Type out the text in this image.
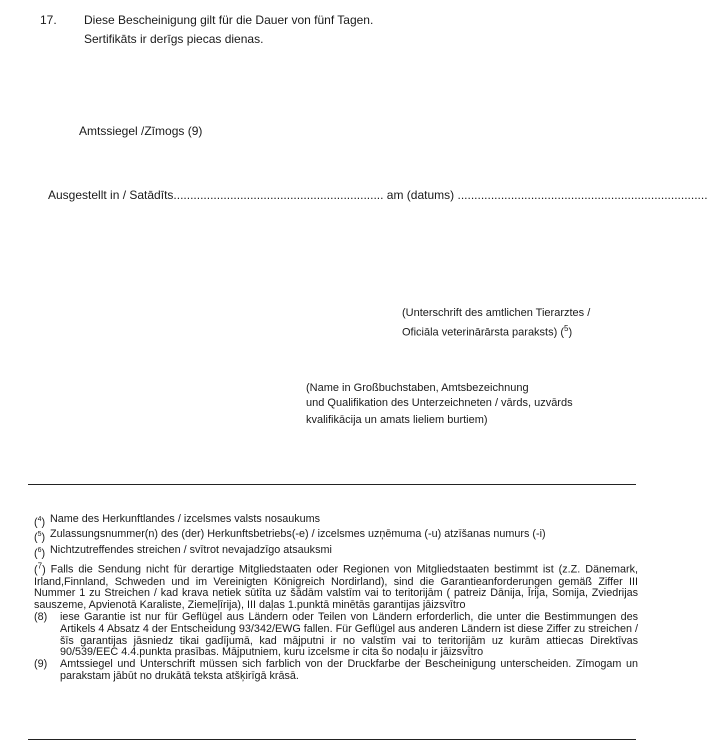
17. Diese Bescheinigung gilt für die Dauer von fünf Tagen.
Sertifikāts ir derīgs piecas dienas.
Amtssiegel /Zīmogs (9)
Ausgestellt in / Satādīts............................................................... am (datums) ...........................................................................
(Unterschrift des amtlichen Tierarztes /
Oficiāla veterinārārsta paraksts) ($^5$)
(Name in Großbuchstaben, Amtsbezeichnung
und Qualifikation des Unterzeichneten / vārds, uzvārds
kvalifikācija un amats lieliem burtiem)
($^4$) Name des Herkunftlandes / izcelsmes valsts nosaukums
($^5$) Zulassungsnummer(n) des (der) Herkunftsbetriebs(-e) / izcelsmes uzņēmuma (-u) atzīšanas numurs (-i)
($^6$) Nichtzutreffendes streichen / svītrot nevajadzīgo atsauksmi
($^7$) Falls die Sendung nicht für derartige Mitgliedstaaten oder Regionen von Mitgliedstaaten bestimmt ist (z.Z. Dänemark, Irland,Finnland, Schweden und im Vereinigten Königreich Nordirland), sind die Garantieanforderungen gemäß Ziffer III Nummer 1 zu Streichen / kad krava netiek sūtīta uz šādām valstīm vai to teritorijām ( patreiz Dānija, Īrija, Somija, Zviedrijas sauszeme, Apvienotā Karaliste, Ziemeļīrija), III daļas 1.punktā minētās garantijas jāizsvītro
(8)	iese Garantie ist nur für Geflügel aus Ländern oder Teilen von Ländern erforderlich, die unter die Bestimmungen des Artikels 4 Absatz 4 der Entscheidung 93/342/EWG fallen. Für Geflügel aus anderen Ländern ist diese Ziffer zu streichen / šīs garantijas jāsniedz tikai gadījumā, kad mājputni ir no valstīm vai to teritorijām uz kurām attiecas Direktīvas 90/539/EEC 4.4.punkta prasības. Mājputniem, kuru izcelsme ir cita šo nodaļu ir jāizsvītro
(9)	Amtssiegel und Unterschrift müssen sich farblich von der Druckfarbe der Bescheinigung unterscheiden. Zīmogam un parakstam jābūt no drukātā teksta atšķirīgā krāsā.
